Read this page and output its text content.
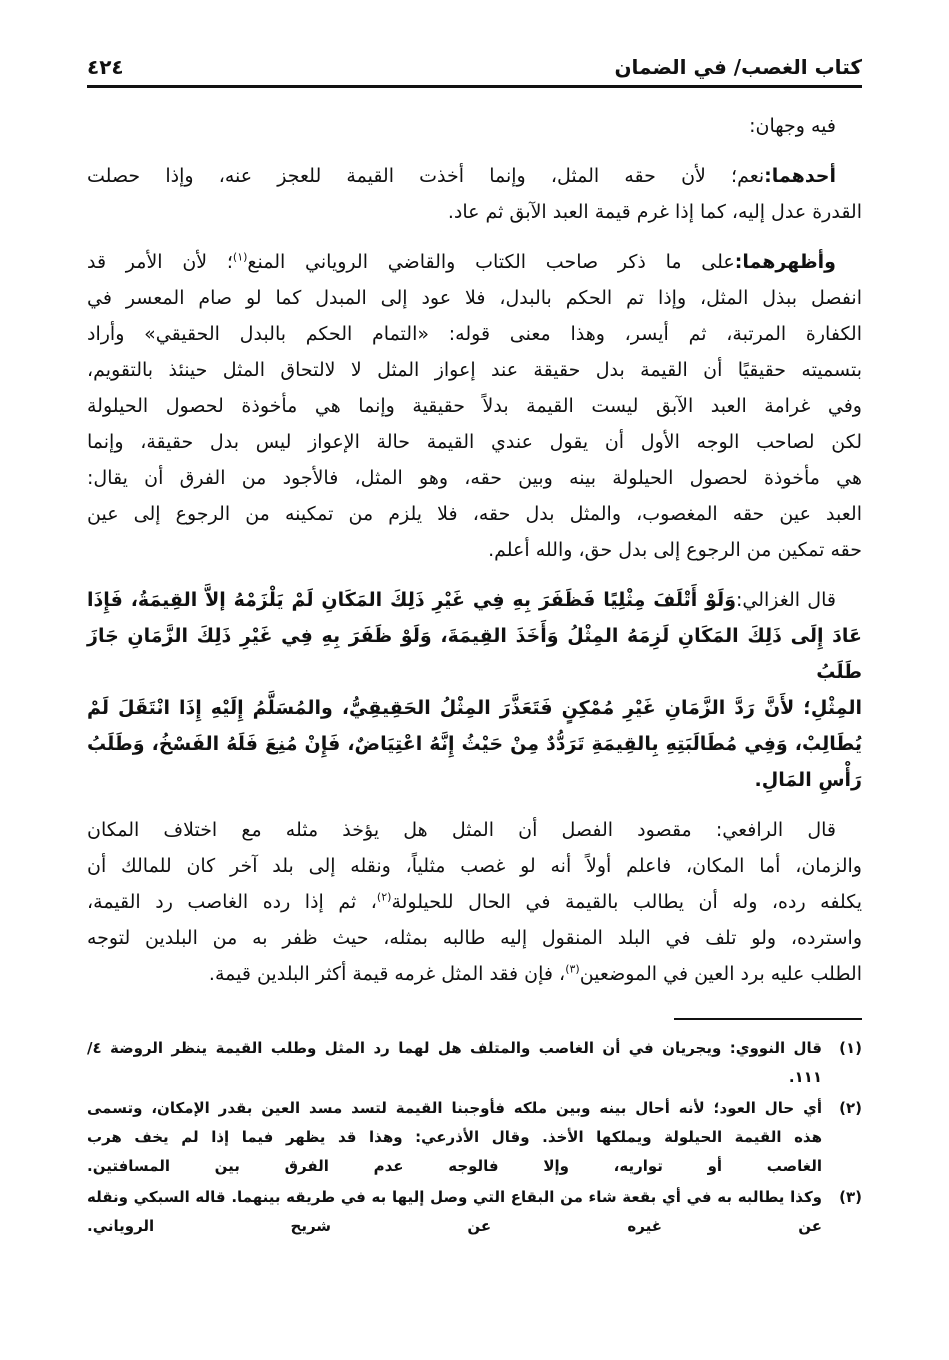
كتاب الغصب/ في الضمان
٤٢٤
فيه وجهان:
أحدهما:نعم؛ لأن حقه المثل، وإنما أخذت القيمة للعجز عنه، وإذا حصلت
القدرة عدل إليه، كما إذا غرم قيمة العبد الآبق ثم عاد.
وأظهرهما:على ما ذكر صاحب الكتاب والقاضي الروياني المنع$^{(١)}$؛ لأن الأمر قد
انفصل ببذل المثل، وإذا تم الحكم بالبدل، فلا عود إلى المبدل كما لو صام المعسر في
الكفارة المرتبة، ثم أيسر، وهذا معنى قوله: «التمام الحكم بالبدل الحقيقي» وأراد
بتسميته حقيقيًا أن القيمة بدل حقيقة عند إعواز المثل لا لالتحاق المثل حينئذ بالتقويم،
وفي غرامة العبد الآبق ليست القيمة بدلاً حقيقية وإنما هي مأخوذة لحصول الحيلولة
لكن لصاحب الوجه الأول أن يقول عندي القيمة حالة الإعواز ليس بدل حقيقة، وإنما
هي مأخوذة لحصول الحيلولة بينه وبين حقه، وهو المثل، فالأجود من الفرق أن يقال:
العبد عين حقه المغصوب، والمثل بدل حقه، فلا يلزم من تمكينه من الرجوع إلى عين
حقه تمكين من الرجوع إلى بدل حق، والله أعلم.
قال الغزالي:وَلَوْ أَتْلَفَ مِثْلِيًا فَظَفَرَ بِهِ فِي غَيْرِ ذَلِكَ المَكَانِ لَمْ يَلْزَمْهُ إلاَّ القِيمَةُ، فَإِذَا
عَادَ إِلَى ذَلِكَ المَكَانِ لَزِمَهُ المِثْلُ وَأَخَذَ القِيمَةَ، وَلَوْ ظَفَرَ بِهِ فِي غَيْرِ ذَلِكَ الزَّمَانِ جَازَ طَلَبُ
المِثْلِ؛ لأَنَّ رَدَّ الزَّمَانِ غَيْرِ مُمْكِنٍ فَتَعَذَّرَ المِثْلُ الحَقِيقِيُّ، والمُسَلَّمُ إِلَيْهِ إِذَا انْتَقَلَ لَمْ
يُطَالِبْ، وَفِي مُطَالَبَتِهِ بِالقِيمَةِ تَرَدُّدٌ مِنْ حَيْثُ إِنَّهُ اعْتِيَاضٌ، فَإِنْ مُنِعَ فَلَهُ الفَسْخُ، وَطَلَبُ
رَأْسِ المَالِ.
قال الرافعي: مقصود الفصل أن المثل هل يؤخذ مثله مع اختلاف المكان
والزمان، أما المكان، فاعلم أولاً أنه لو غصب مثلياً، ونقله إلى بلد آخر كان للمالك أن
يكلفه رده، وله أن يطالب بالقيمة في الحال للحيلولة$^{(٢)}$، ثم إذا رده الغاصب رد القيمة،
واسترده، ولو تلف في البلد المنقول إليه طالبه بمثله، حيث ظفر به من البلدين لتوجه
الطلب عليه برد العين في الموضعين$^{(٣)}$، فإن فقد المثل غرمه قيمة أكثر البلدين قيمة.
(١)
قال النووي: ويجريان في أن الغاصب والمتلف هل لهما رد المثل وطلب القيمة ينظر الروضة ٤/
١١١.
(٢)
أي حال العود؛ لأنه أحال بينه وبين ملكه فأوجبنا القيمة لتسد مسد العين بقدر الإمكان، وتسمى
هذه القيمة الحيلولة ويملكها الأخذ. وقال الأذرعي: وهذا قد يظهر فيما إذا لم يخف هرب
الغاصب أو تواريه، وإلا فالوجه عدم الفرق بين المسافتين.
(٣)
وكذا يطالبه به في أي بقعة شاء من البقاع التي وصل إليها به في طريقه بينهما. قاله السبكي ونقله
عن غيره عن شريح الروياني.
